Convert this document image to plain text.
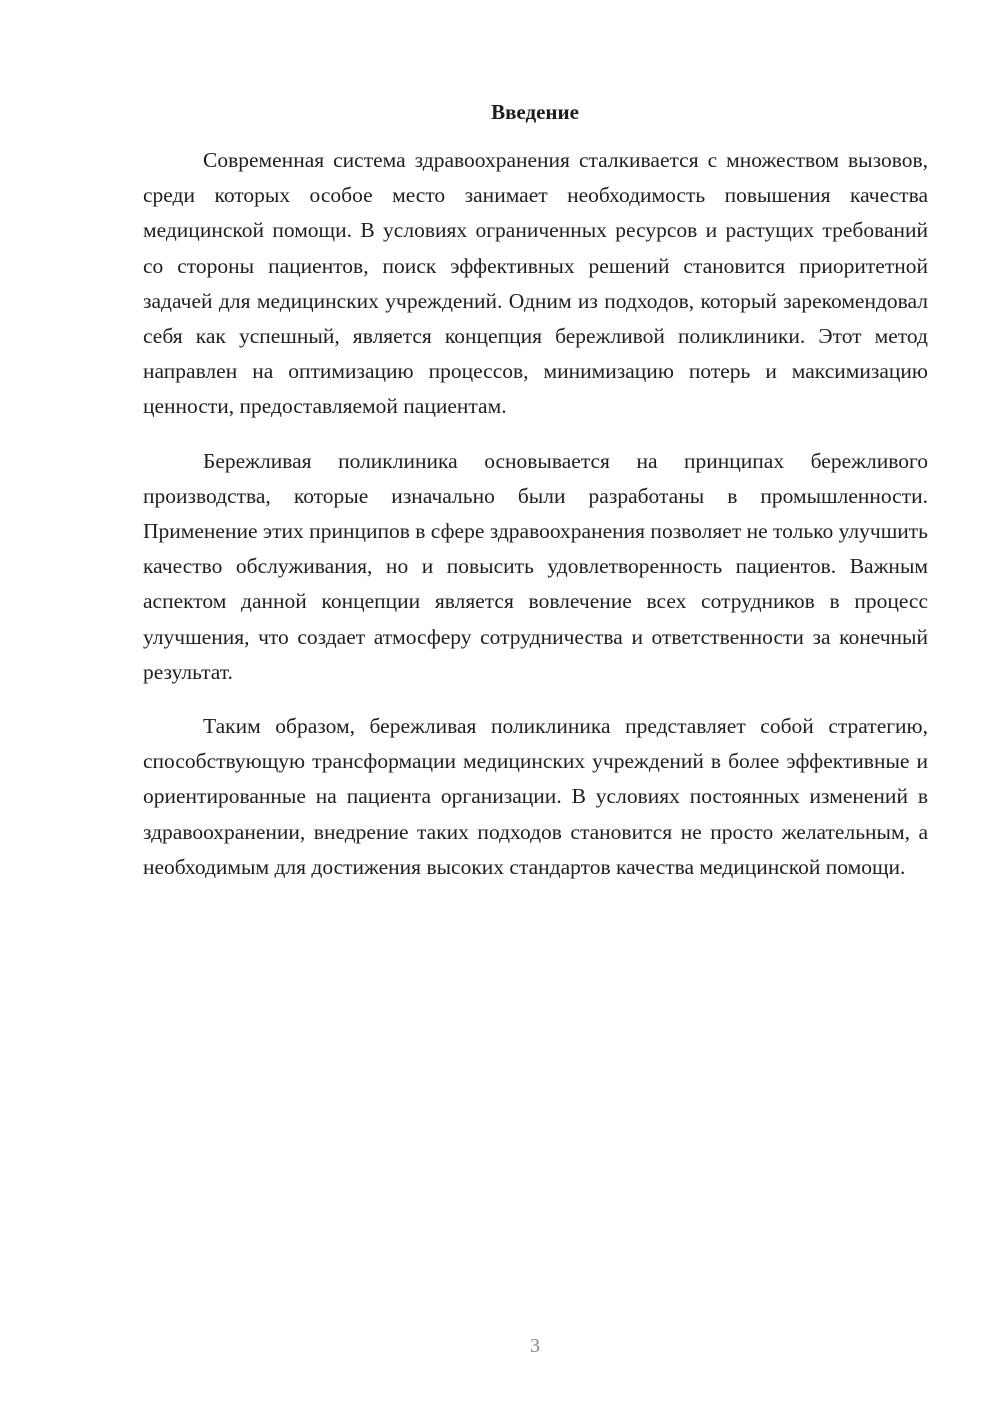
Введение

Современная система здравоохранения сталкивается с множеством вызовов, среди которых особое место занимает необходимость повышения качества медицинской помощи. В условиях ограниченных ресурсов и растущих требований со стороны пациентов, поиск эффективных решений становится приоритетной задачей для медицинских учреждений. Одним из подходов, который зарекомендовал себя как успешный, является концепция бережливой поликлиники. Этот метод направлен на оптимизацию процессов, минимизацию потерь и максимизацию ценности, предоставляемой пациентам.

Бережливая поликлиника основывается на принципах бережливого производства, которые изначально были разработаны в промышленности. Применение этих принципов в сфере здравоохранения позволяет не только улучшить качество обслуживания, но и повысить удовлетворенность пациентов. Важным аспектом данной концепции является вовлечение всех сотрудников в процесс улучшения, что создает атмосферу сотрудничества и ответственности за конечный результат.

Таким образом, бережливая поликлиника представляет собой стратегию, способствующую трансформации медицинских учреждений в более эффективные и ориентированные на пациента организации. В условиях постоянных изменений в здравоохранении, внедрение таких подходов становится не просто желательным, а необходимым для достижения высоких стандартов качества медицинской помощи.

3
